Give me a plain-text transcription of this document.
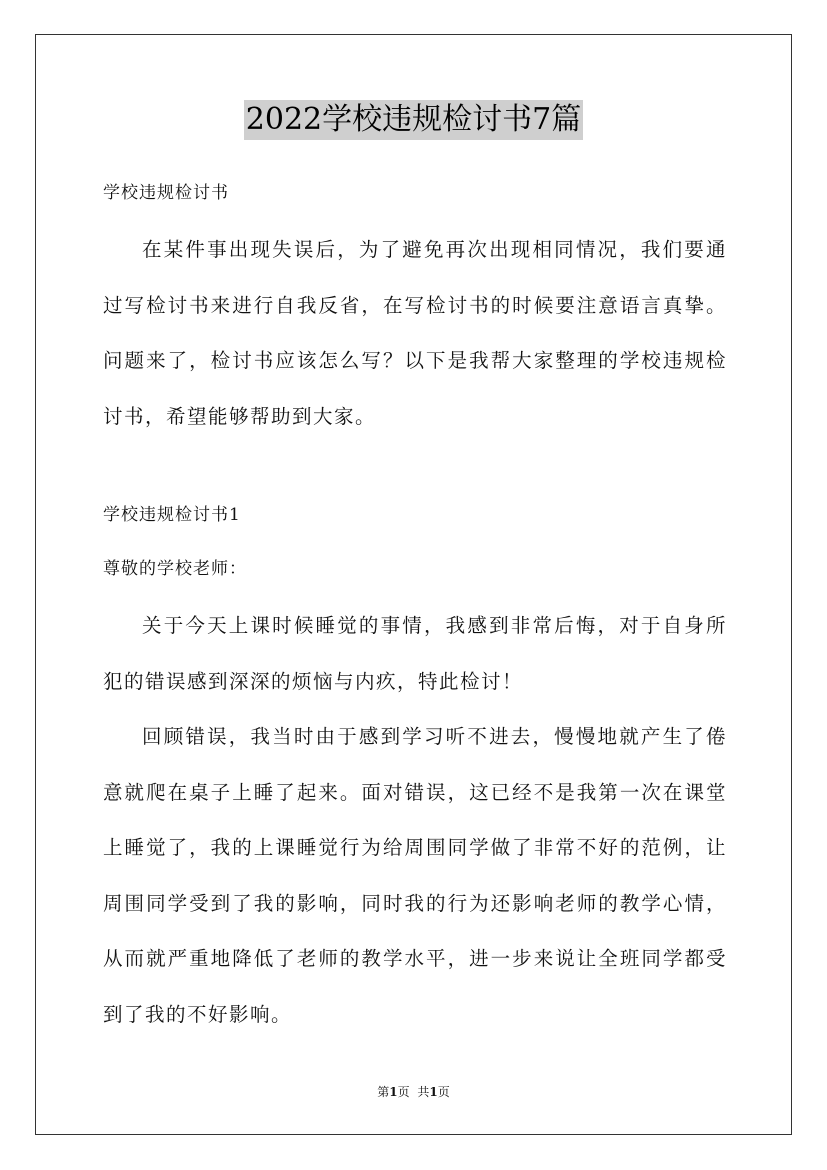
2022学校违规检讨书7篇

学校违规检讨书

在某件事出现失误后，为了避免再次出现相同情况，我们要通过写检讨书来进行自我反省，在写检讨书的时候要注意语言真挚。问题来了，检讨书应该怎么写？以下是我帮大家整理的学校违规检讨书，希望能够帮助到大家。

学校违规检讨书1

尊敬的学校老师：

关于今天上课时候睡觉的事情，我感到非常后悔，对于自身所犯的错误感到深深的烦恼与内疚，特此检讨！

回顾错误，我当时由于感到学习听不进去，慢慢地就产生了倦意就爬在桌子上睡了起来。面对错误，这已经不是我第一次在课堂上睡觉了，我的上课睡觉行为给周围同学做了非常不好的范例，让周围同学受到了我的影响，同时我的行为还影响老师的教学心情，从而就严重地降低了老师的教学水平，进一步来说让全班同学都受到了我的不好影响。

第1页 共1页
